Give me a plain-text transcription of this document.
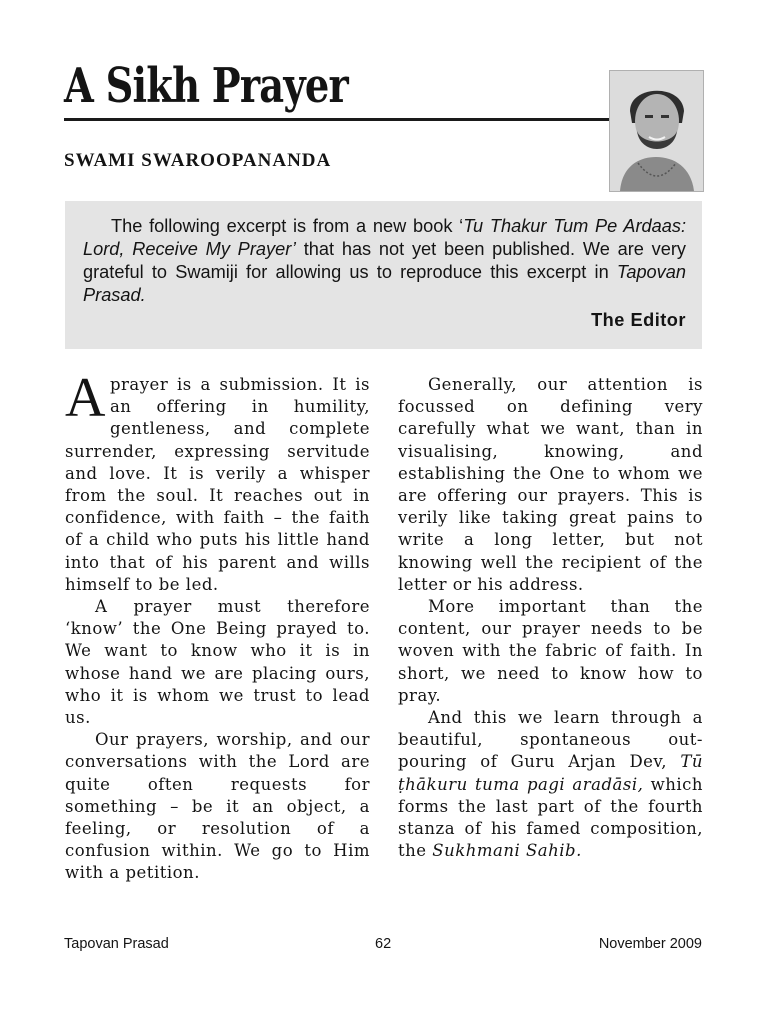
A Sikh Prayer
SWAMI SWAROOPANANDA

The following excerpt is from a new book ‘Tu Thakur Tum Pe Ardaas: Lord, Receive My Prayer’ that has not yet been published. We are very grateful to Swamiji for allowing us to reproduce this excerpt in Tapovan Prasad.

The Editor

Aprayer is a submission. It is an offering in humility, gentleness, and complete surrender, expressing servitude and love. It is verily a whisper from the soul. It reaches out in confidence, with faith – the faith of a child who puts his little hand into that of his parent and wills himself to be led.

A prayer must therefore ‘know’ the One Being prayed to. We want to know who it is in whose hand we are placing ours, who it is whom we trust to lead us.

Our prayers, worship, and our conversations with the Lord are quite often requests for something – be it an object, a feeling, or resolution of a confusion within. We go to Him with a petition.

Generally, our attention is focussed on defining very carefully what we want, than in visualising, knowing, and establishing the One to whom we are offering our prayers. This is verily like taking great pains to write a long letter, but not knowing well the recipient of the letter or his address.

More important than the content, our prayer needs to be woven with the fabric of faith. In short, we need to know how to pray.

And this we learn through a beautiful, spontaneous out-pouring of Guru Arjan Dev, Tū ṭhākuru tuma pagi aradāsi, which forms the last part of the fourth stanza of his famed composition, the Sukhmani Sahib.

Tapovan Prasad	62	November 2009
